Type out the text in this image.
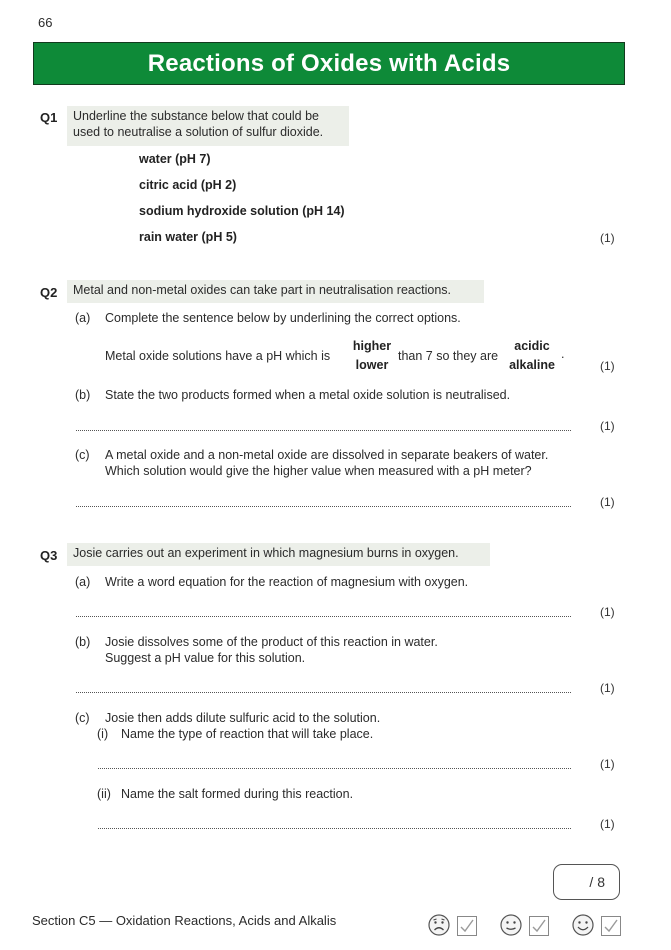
66
Reactions of Oxides with Acids
Q1 Underline the substance below that could be
used to neutralise a solution of sulfur dioxide.
water (pH 7)
citric acid (pH 2)
sodium hydroxide solution (pH 14)
rain water (pH 5)	(1)
Q2	Metal and non-metal oxides can take part in neutralisation reactions.
(a) Complete the sentence below by underlining the correct options.
Metal oxide solutions have a pH which is
higher
lower
than 7 so they are
acidic
alkaline
.
(1)
(b) State the two products formed when a metal oxide solution is neutralised.
(1)
(c) A metal oxide and a non-metal oxide are dissolved in separate beakers of water.
Which solution would give the higher value when measured with a pH meter?
(1)
Q3	Josie carries out an experiment in which magnesium burns in oxygen.
(a) Write a word equation for the reaction of magnesium with oxygen.
(1)
(b) Josie dissolves some of the product of this reaction in water.
Suggest a pH value for this solution.
(1)
(c) Josie then adds dilute sulfuric acid to the solution.
(i) Name the type of reaction that will take place.
(1)
(ii) Name the salt formed during this reaction.
(1)
/ 8
Section C5 — Oxidation Reactions, Acids and Alkalis
